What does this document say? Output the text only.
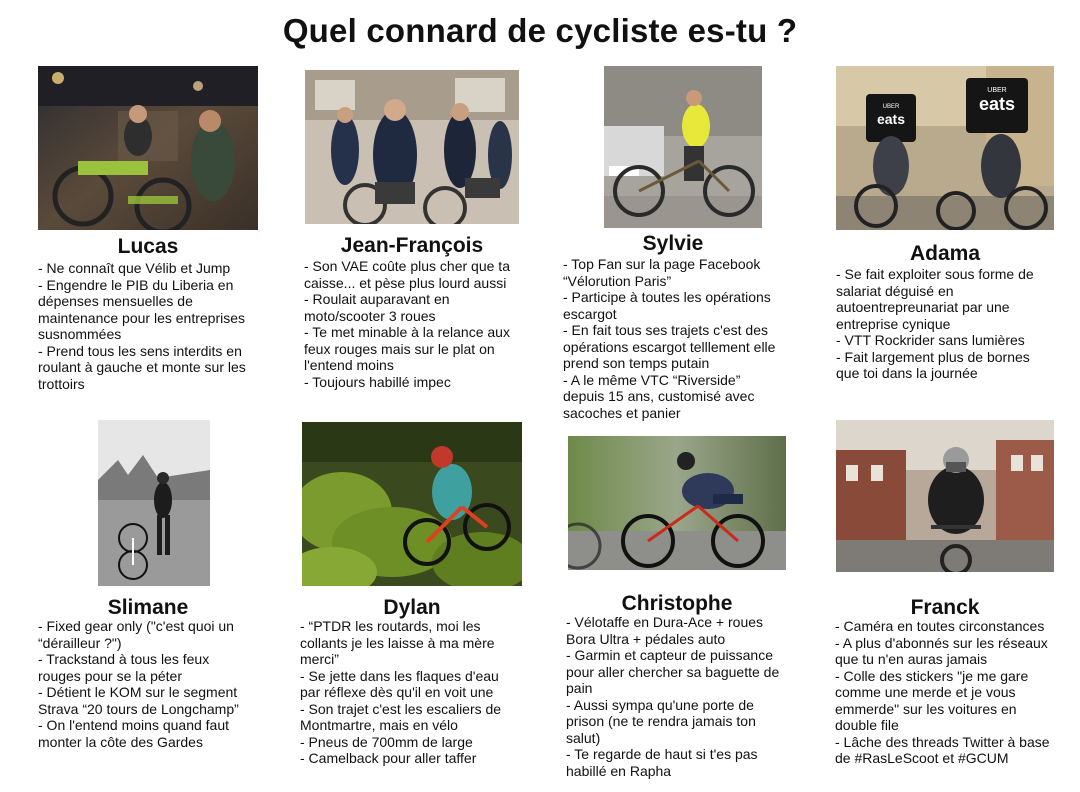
Quel connard de cycliste es-tu ?
Lucas
- Ne connaît que Vélib et Jump
- Engendre le PIB du Liberia en
dépenses mensuelles de
maintenance pour les entreprises
susnommées
- Prend tous les sens interdits en
roulant à gauche et monte sur les
trottoirs
Jean-François
- Son VAE coûte plus cher que ta
caisse... et pèse plus lourd aussi
- Roulait auparavant en
moto/scooter 3 roues
- Te met minable à la relance aux
feux rouges mais sur le plat on
l'entend moins
- Toujours habillé impec
Sylvie
- Top Fan sur la page Facebook
“Vélorution Paris”
- Participe à toutes les opérations
escargot
- En fait tous ses trajets c'est des
opérations escargot telllement elle
prend son temps putain
- A le même VTC “Riverside”
depuis 15 ans, customisé avec
sacoches et panier
UBER
eats
UBER
eats
Adama
- Se fait exploiter sous forme de
salariat déguisé en
autoentrepreunariat par une
entreprise cynique
- VTT Rockrider sans lumières
- Fait largement plus de bornes
que toi dans la journée
Slimane
- Fixed gear only ("c'est quoi un
“dérailleur ?")
- Trackstand à tous les feux
rouges pour se la péter
- Détient le KOM sur le segment
Strava “20 tours de Longchamp”
- On l'entend moins quand faut
monter la côte des Gardes
Dylan
- “PTDR les routards, moi les
collants je les laisse à ma mère
merci”
- Se jette dans les flaques d'eau
par réflexe dès qu'il en voit une
- Son trajet c'est les escaliers de
Montmartre, mais en vélo
- Pneus de 700mm de large
- Camelback pour aller taffer
Christophe
- Vélotaffe en Dura-Ace + roues
Bora Ultra + pédales auto
- Garmin et capteur de puissance
pour aller chercher sa baguette de
pain
- Aussi sympa qu'une porte de
prison (ne te rendra jamais ton
salut)
- Te regarde de haut si t'es pas
habillé en Rapha
Franck
- Caméra en toutes circonstances
- A plus d'abonnés sur les réseaux
que tu n'en auras jamais
- Colle des stickers "je me gare
comme une merde et je vous
emmerde" sur les voitures en
double file
- Lâche des threads Twitter à base
de #RasLeScoot et #GCUM
